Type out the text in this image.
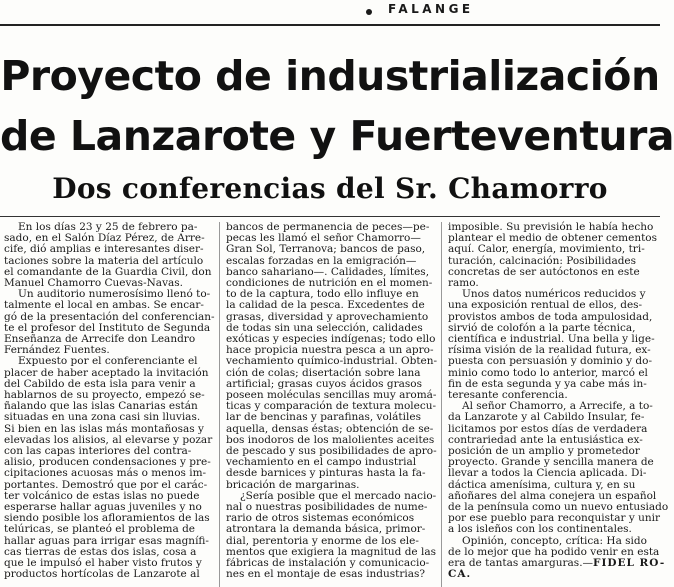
FALANGE
Proyecto de industrialización
de Lanzarote y Fuerteventura
Dos conferencias del Sr. Chamorro
En los días 23 y 25 de febrero pa-
sado, en el Salón Díaz Pérez, de Arre-
cife, dió amplias e interesantes diser-
taciones sobre la materia del artículo
el comandante de la Guardia Civil, don
Manuel Chamorro Cuevas-Navas.
Un auditorio numerosísimo llenó to-
talmente el local en ambas. Se encar-
gó de la presentación del conferencian-
te el profesor del Instituto de Segunda
Enseñanza de Arrecife don Leandro
Fernández Fuentes.
Expuesto por el conferenciante el
placer de haber aceptado la invitación
del Cabildo de esta isla para venir a
hablarnos de su proyecto, empezó se-
ñalando que las islas Canarias están
situadas en una zona casi sin lluvias.
Si bien en las islas más montañosas y
elevadas los alisios, al elevarse y pozar
con las capas interiores del contra-
alisio, producen condensaciones y pre-
cipitaciones acuosas más o menos im-
portantes. Demostró que por el carác-
ter volcánico de estas islas no puede
esperarse hallar aguas juveniles y no
siendo posible los afloramientos de las
telúricas, se planteó el problema de
hallar aguas para irrigar esas magnífi-
cas tierras de estas dos islas, cosa a
que le impulsó el haber visto frutos y
productos hortícolas de Lanzarote al
bancos de permanencia de peces—pe-
pecas les llamó el señor Chamorro—
Gran Sol, Terranova; bancos de paso,
escalas forzadas en la emigración—
banco sahariano—. Calidades, límites,
condiciones de nutrición en el momen-
to de la captura, todo ello influye en
la calidad de la pesca. Excedentes de
grasas, diversidad y aprovechamiento
de todas sin una selección, calidades
exóticas y especies indígenas; todo ello
hace propicia nuestra pesca a un apro-
vechamiento químico-industrial. Obten-
ción de colas; disertación sobre lana
artificial; grasas cuyos ácidos grasos
poseen moléculas sencillas muy aromá-
ticas y comparación de textura molecu-
lar de bencinas y parafinas, volátiles
aquella, densas éstas; obtención de se-
bos inodoros de los malolientes aceites
de pescado y sus posibilidades de apro-
vechamiento en el campo industrial
desde barnices y pinturas hasta la fa-
bricación de margarinas.
¿Sería posible que el mercado nacio-
nal o nuestras posibilidades de nume-
rario de otros sistemas económicos
atrontara la demanda básica, primor-
dial, perentoria y enorme de los ele-
mentos que exigiera la magnitud de las
fábricas de instalación y comunicacio-
nes en el montaje de esas industrias?
imposible. Su previsión le había hecho
plantear el medio de obtener cementos
aquí. Calor, energía, movimiento, tri-
turación, calcinación: Posibilidades
concretas de ser autóctonos en este
ramo.
Unos datos numéricos reducidos y
una exposición rentual de ellos, des-
provistos ambos de toda ampulosidad,
sirvió de colofón a la parte técnica,
científica e industrial. Una bella y lige-
rísima visión de la realidad futura, ex-
puesta con persuasión y dominio y do-
minio como todo lo anterior, marcó el
fin de esta segunda y ya cabe más in-
teresante conferencia.
Al señor Chamorro, a Arrecife, a to-
da Lanzarote y al Cabildo Insular, fe-
licitamos por estos días de verdadera
contrariedad ante la entusiástica ex-
posición de un amplio y prometedor
proyecto. Grande y sencilla manera de
llevar a todos la Ciencia aplicada. Di-
dáctica amenísima, cultura y, en su
añoñares del alma conejera un español
de la península como un nuevo entusiado
por ese pueblo para reconquistar y unir
a los isleños con los continentales.
Opinión, concepto, crítica: Ha sido
de lo mejor que ha podido venir en esta
era de tantas amarguras.—FIDEL RO-
CA.
